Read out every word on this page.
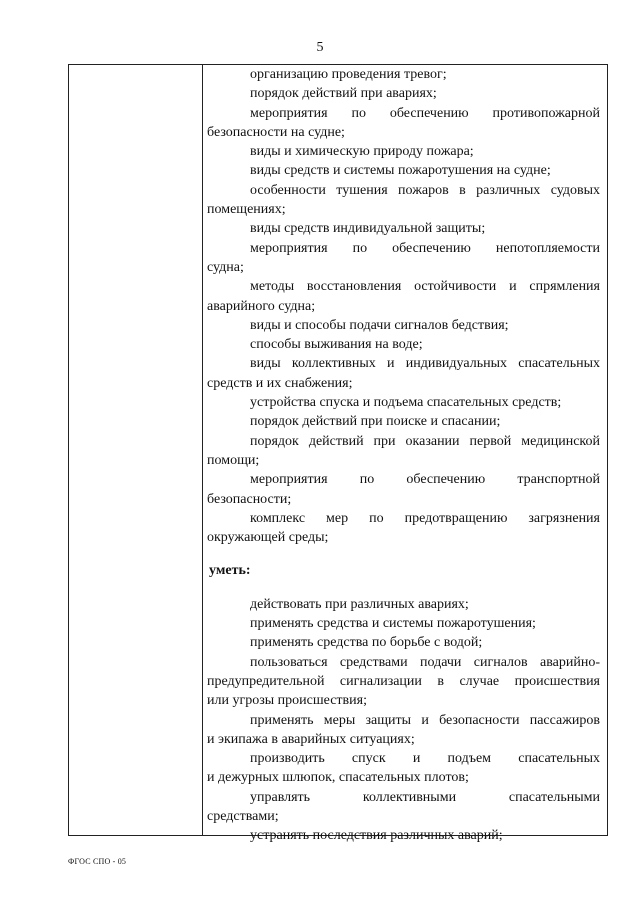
5

организацию проведения тревог;

порядок действий при авариях;

мероприятия по обеспечению противопожарной
безопасности на судне;

виды и химическую природу пожара;

виды средств и системы пожаротушения на судне;

особенности тушения пожаров в различных судовых
помещениях;

виды средств индивидуальной защиты;

мероприятия по обеспечению непотопляемости
судна;

методы восстановления остойчивости и спрямления
аварийного судна;

виды и способы подачи сигналов бедствия;

способы выживания на воде;

виды коллективных и индивидуальных спасательных
средств и их снабжения;

устройства спуска и подъема спасательных средств;

порядок действий при поиске и спасании;

порядок действий при оказании первой медицинской
помощи;

мероприятия по обеспечению транспортной
безопасности;

комплекс мер по предотвращению загрязнения
окружающей среды;

уметь:

действовать при различных авариях;

применять средства и системы пожаротушения;

применять средства по борьбе с водой;

пользоваться средствами подачи сигналов аварийно-
предупредительной сигнализации в случае происшествия
или угрозы происшествия;

применять меры защиты и безопасности пассажиров
и экипажа в аварийных ситуациях;

производить спуск и подъем спасательных
и дежурных шлюпок, спасательных плотов;

управлять коллективными спасательными
средствами;

устранять последствия различных аварий;

ФГОС СПО - 05
